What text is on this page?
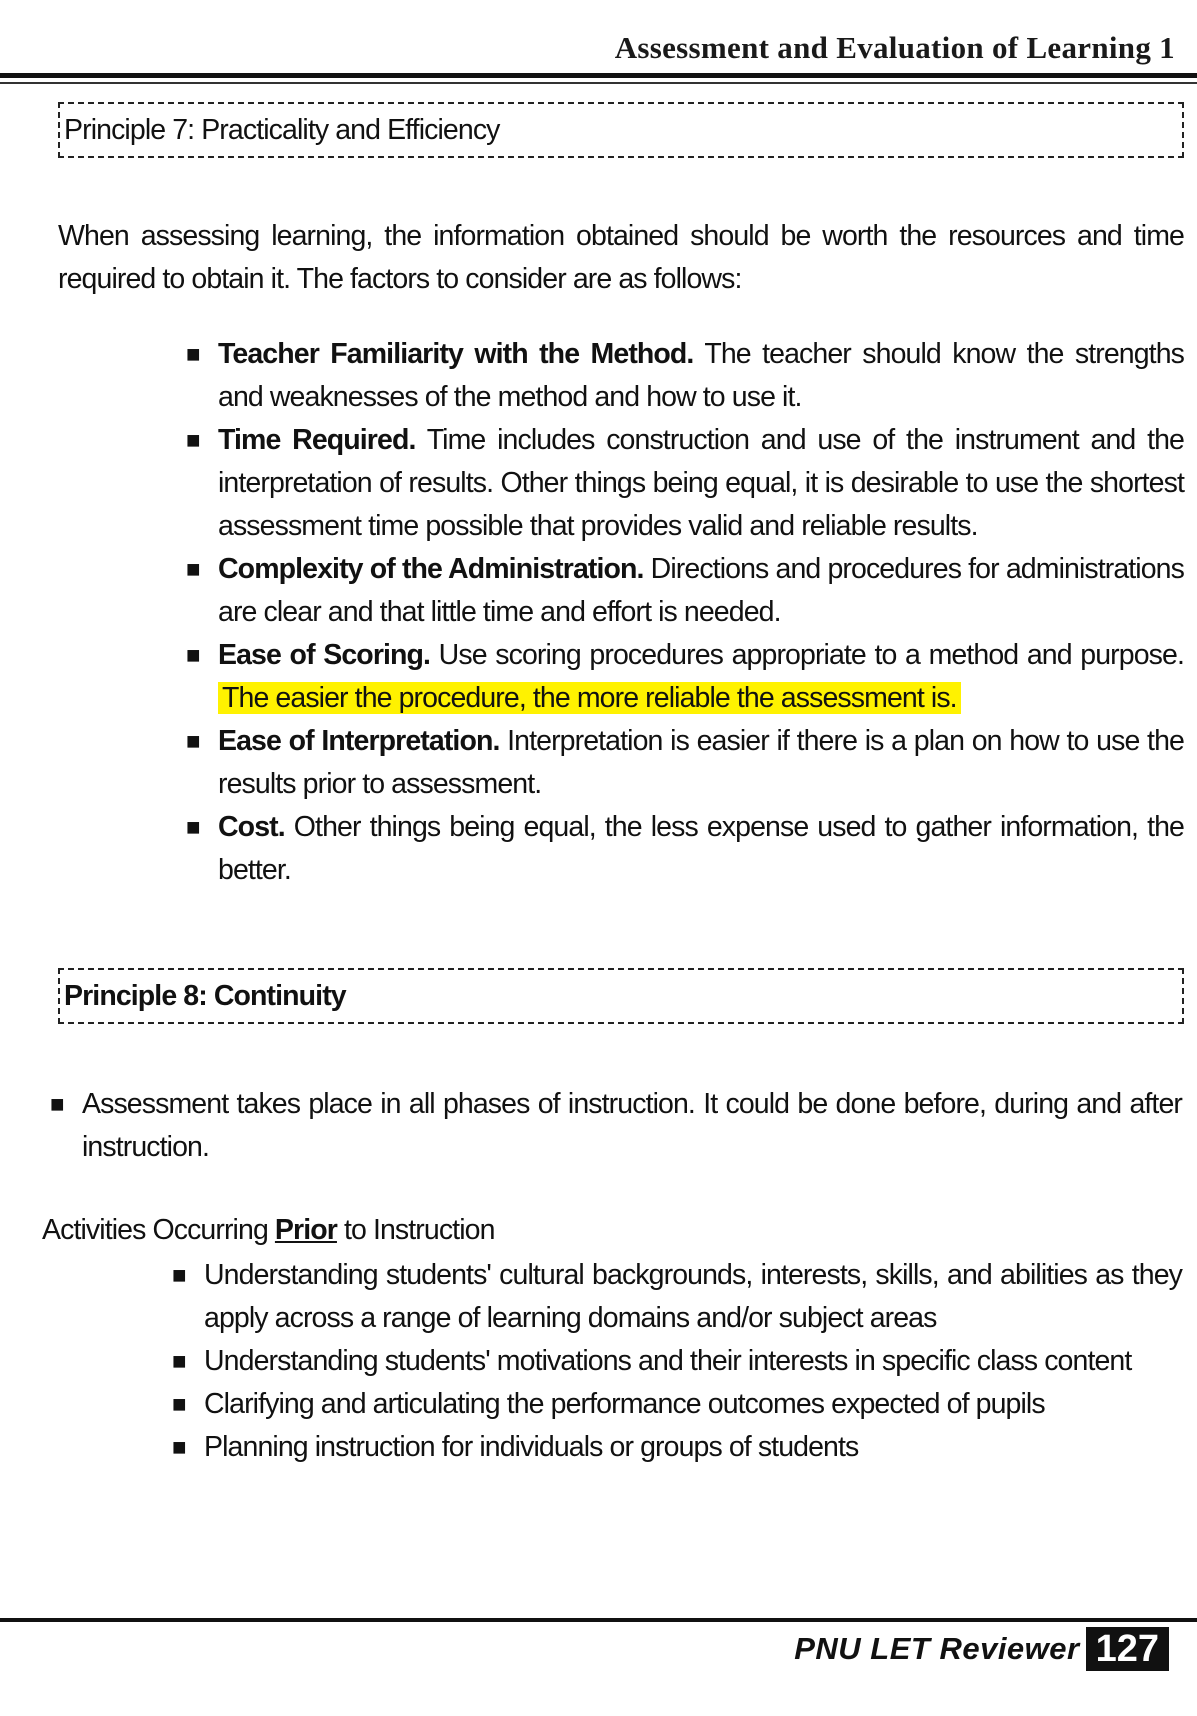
Assessment and Evaluation of Learning 1
Principle 7: Practicality and Efficiency
When assessing learning, the information obtained should be worth the resources and time required to obtain it. The factors to consider are as follows:
■ Teacher Familiarity with the Method. The teacher should know the strengths and weaknesses of the method and how to use it.
■ Time Required. Time includes construction and use of the instrument and the interpretation of results. Other things being equal, it is desirable to use the shortest assessment time possible that provides valid and reliable results.
■ Complexity of the Administration. Directions and procedures for administrations are clear and that little time and effort is needed.
■ Ease of Scoring. Use scoring procedures appropriate to a method and purpose. The easier the procedure, the more reliable the assessment is.
■ Ease of Interpretation. Interpretation is easier if there is a plan on how to use the results prior to assessment.
■ Cost. Other things being equal, the less expense used to gather information, the better.
Principle 8: Continuity
■ Assessment takes place in all phases of instruction. It could be done before, during and after instruction.
Activities Occurring Prior to Instruction
■ Understanding students' cultural backgrounds, interests, skills, and abilities as they apply across a range of learning domains and/or subject areas
■ Understanding students' motivations and their interests in specific class content
■ Clarifying and articulating the performance outcomes expected of pupils
■ Planning instruction for individuals or groups of students
PNU LET Reviewer 127
